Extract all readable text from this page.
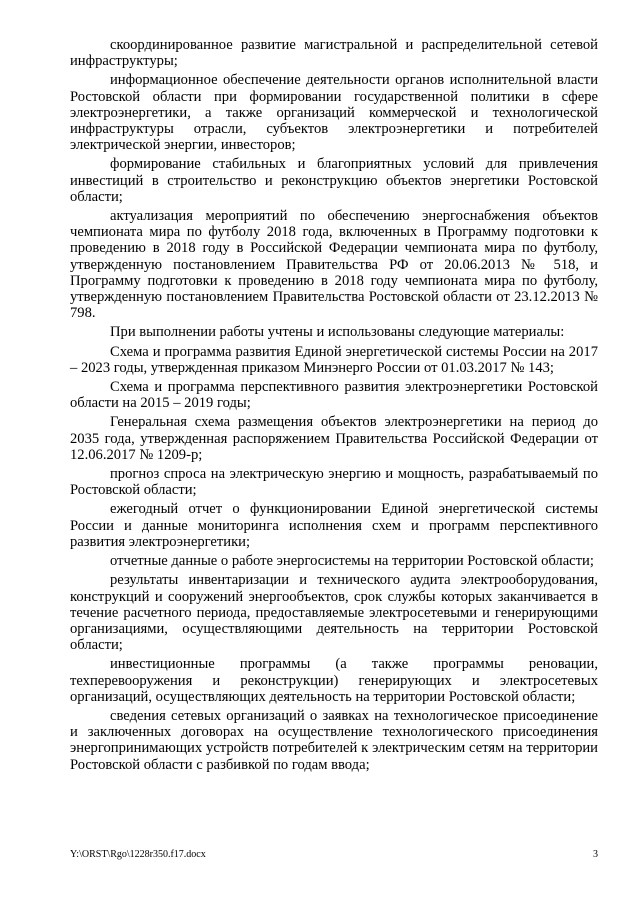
скоординированное развитие магистральной и распределительной сетевой инфраструктуры;

информационное обеспечение деятельности органов исполнительной власти Ростовской области при формировании государственной политики в сфере электроэнергетики, а также организаций коммерческой и технологической инфраструктуры отрасли, субъектов электроэнергетики и потребителей электрической энергии, инвесторов;

формирование стабильных и благоприятных условий для привлечения инвестиций в строительство и реконструкцию объектов энергетики Ростовской области;

актуализация мероприятий по обеспечению энергоснабжения объектов чемпионата мира по футболу 2018 года, включенных в Программу подготовки к проведению в 2018 году в Российской Федерации чемпионата мира по футболу, утвержденную постановлением Правительства РФ от 20.06.2013 № 518, и Программу подготовки к проведению в 2018 году чемпионата мира по футболу, утвержденную постановлением Правительства Ростовской области от 23.12.2013 № 798.

При выполнении работы учтены и использованы следующие материалы:

Схема и программа развития Единой энергетической системы России на 2017 – 2023 годы, утвержденная приказом Минэнерго России от 01.03.2017 № 143;

Схема и программа перспективного развития электроэнергетики Ростовской области на 2015 – 2019 годы;

Генеральная схема размещения объектов электроэнергетики на период до 2035 года, утвержденная распоряжением Правительства Российской Федерации от 12.06.2017 № 1209-р;

прогноз спроса на электрическую энергию и мощность, разрабатываемый по Ростовской области;

ежегодный отчет о функционировании Единой энергетической системы России и данные мониторинга исполнения схем и программ перспективного развития электроэнергетики;

отчетные данные о работе энергосистемы на территории Ростовской области;

результаты инвентаризации и технического аудита электрооборудования, конструкций и сооружений энергообъектов, срок службы которых заканчивается в течение расчетного периода, предоставляемые электросетевыми и генерирующими организациями, осуществляющими деятельность на территории Ростовской области;

инвестиционные программы (а также программы реновации, техперевооружения и реконструкции) генерирующих и электросетевых организаций, осуществляющих деятельность на территории Ростовской области;

сведения сетевых организаций о заявках на технологическое присоединение и заключенных договорах на осуществление технологического присоединения энергопринимающих устройств потребителей к электрическим сетям на территории Ростовской области с разбивкой по годам ввода;

Y:\ORST\Rgo\1228r350.f17.docx	3
